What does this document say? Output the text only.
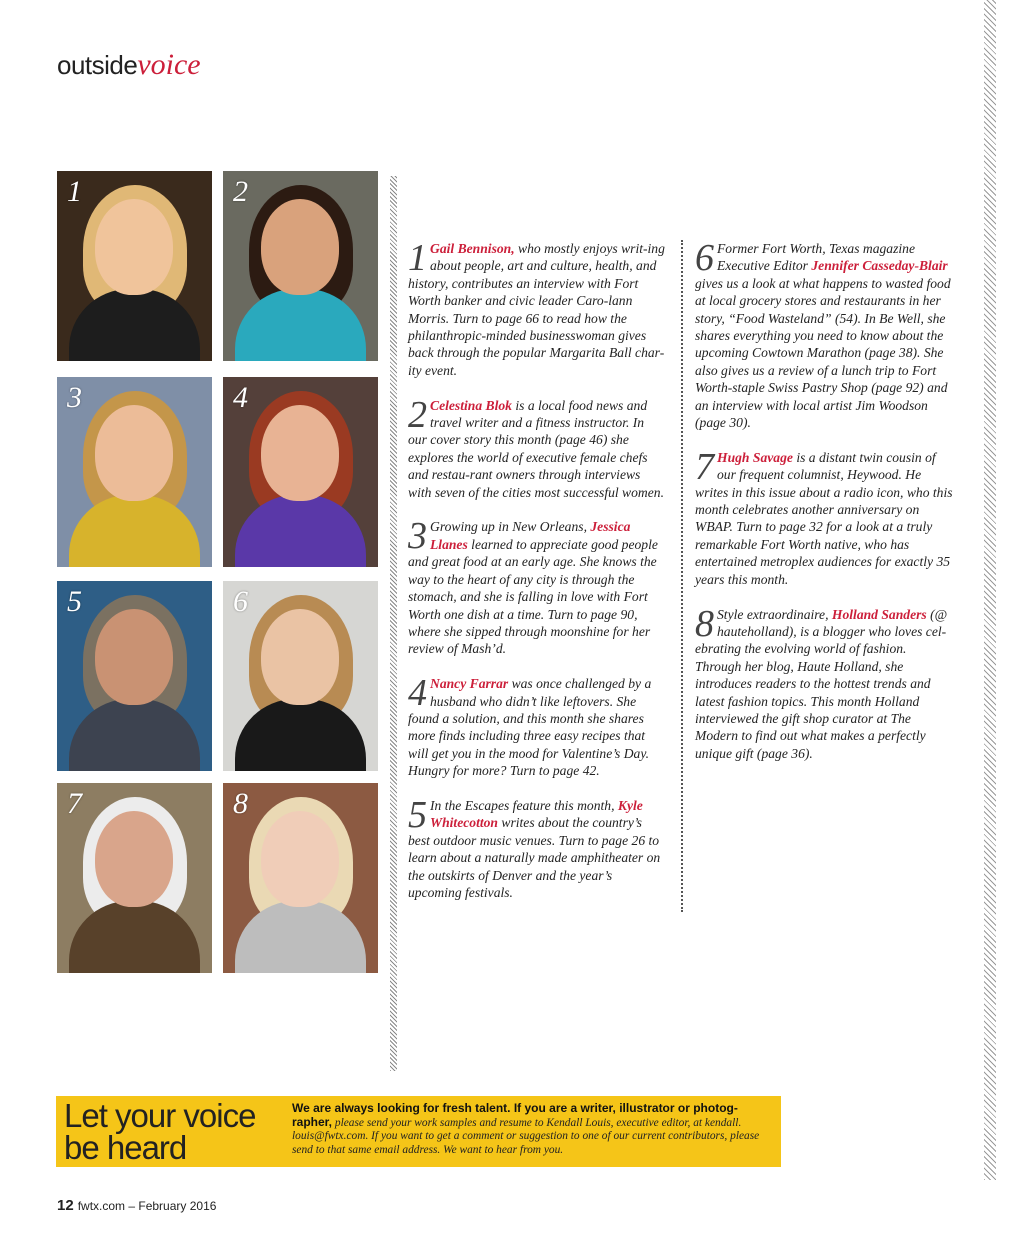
outsidevoice
1	2
3	4
5	6
7	8

1 Gail Bennison, who mostly enjoys writ-ing about people, art and culture, health, and history, contributes an interview with Fort Worth banker and civic leader Caro-lann Morris. Turn to page 66 to read how the philanthropic-minded businesswoman gives back through the popular Margarita Ball char-ity event.

2 Celestina Blok is a local food news and travel writer and a fitness instructor. In our cover story this month (page 46) she explores the world of executive female chefs and restau-rant owners through interviews with seven of the cities most successful women.

3 Growing up in New Orleans, Jessica Llanes learned to appreciate good people and great food at an early age. She knows the way to the heart of any city is through the stomach, and she is falling in love with Fort Worth one dish at a time. Turn to page 90, where she sipped through moonshine for her review of Mash’d.

4 Nancy Farrar was once challenged by a husband who didn’t like leftovers. She found a solution, and this month she shares more finds including three easy recipes that will get you in the mood for Valentine’s Day. Hungry for more? Turn to page 42.

5 In the Escapes feature this month, Kyle Whitecotton writes about the country’s best outdoor music venues. Turn to page 26 to learn about a naturally made amphitheater on the outskirts of Denver and the year’s upcoming festivals.

6 Former Fort Worth, Texas magazine Executive Editor Jennifer Casseday-Blair gives us a look at what happens to wasted food at local grocery stores and restaurants in her story, “Food Wasteland” (54). In Be Well, she shares everything you need to know about the upcoming Cowtown Marathon (page 38). She also gives us a review of a lunch trip to Fort Worth-staple Swiss Pastry Shop (page 92) and an interview with local artist Jim Woodson (page 30).

7 Hugh Savage is a distant twin cousin of our frequent columnist, Heywood. He writes in this issue about a radio icon, who this month celebrates another anniversary on WBAP. Turn to page 32 for a look at a truly remarkable Fort Worth native, who has entertained metroplex audiences for exactly 35 years this month.

8 Style extraordinaire, Holland Sanders (@ hauteholland), is a blogger who loves cel-ebrating the evolving world of fashion. Through her blog, Haute Holland, she introduces readers to the hottest trends and latest fashion topics. This month Holland interviewed the gift shop curator at The Modern to find out what makes a perfectly unique gift (page 36).

Let your voice
be heard
We are always looking for fresh talent. If you are a writer, illustrator or photog-rapher, please send your work samples and resume to Kendall Louis, executive editor, at kendall. louis@fwtx.com. If you want to get a comment or suggestion to one of our current contributors, please send to that same email address. We want to hear from you.
12 fwtx.com – February 2016
